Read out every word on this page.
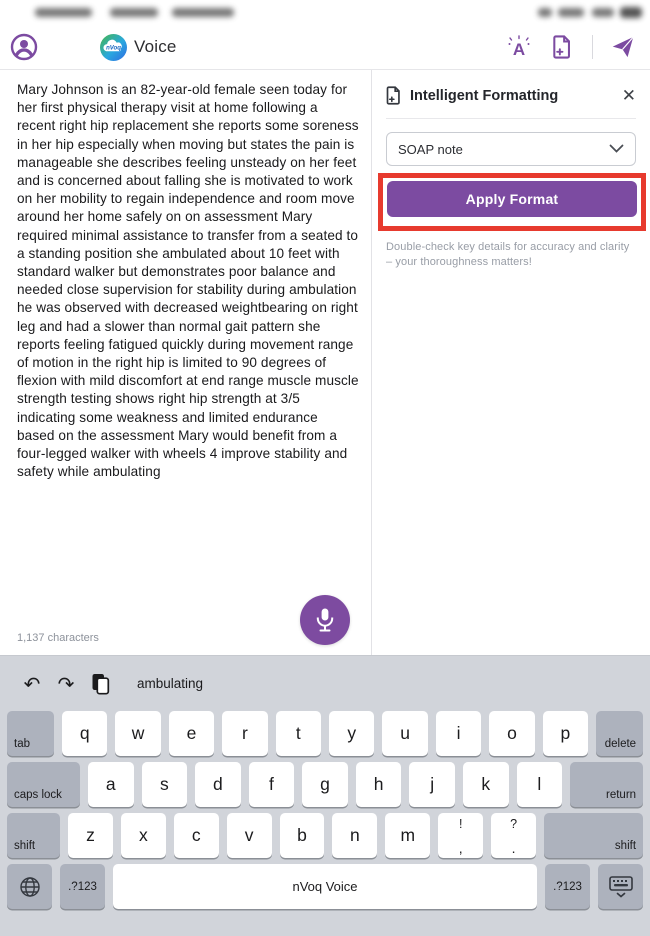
nVoq Voice	A
Mary Johnson is an 82-year-old female seen today for her first physical therapy visit at home following a recent right hip replacement she reports some soreness in her hip especially when moving but states the pain is manageable she describes feeling unsteady on her feet and is concerned about falling she is motivated to work on her mobility to regain independence and room move around her home safely on on assessment Mary required minimal assistance to transfer from a seated to a standing position she ambulated about 10 feet with standard walker but demonstrates poor balance and needed close supervision for stability during ambulation he was observed with decreased weightbearing on right leg and had a slower than normal gait pattern she reports feeling fatigued quickly during movement range of motion in the right hip is limited to 90 degrees of flexion with mild discomfort at end range muscle muscle strength testing shows right hip strength at 3/5 indicating some weakness and limited endurance based on the assessment Mary would benefit from a four-legged walker with wheels 4 improve stability and safety while ambulating
1,137 characters
Intelligent Formatting	✕
SOAP note
Apply Format
Double-check key details for accuracy and clarity – your thoroughness matters!
↶ ↷	ambulating
tab
q	w	e	r	t	y	u	i	o	p
delete
caps lock
a	s	d	f	g	h	j	k	l
return
shift
z	x	c	v	b	n	m
!
,
?
.	shift
.?123	nVoq Voice	.?123
